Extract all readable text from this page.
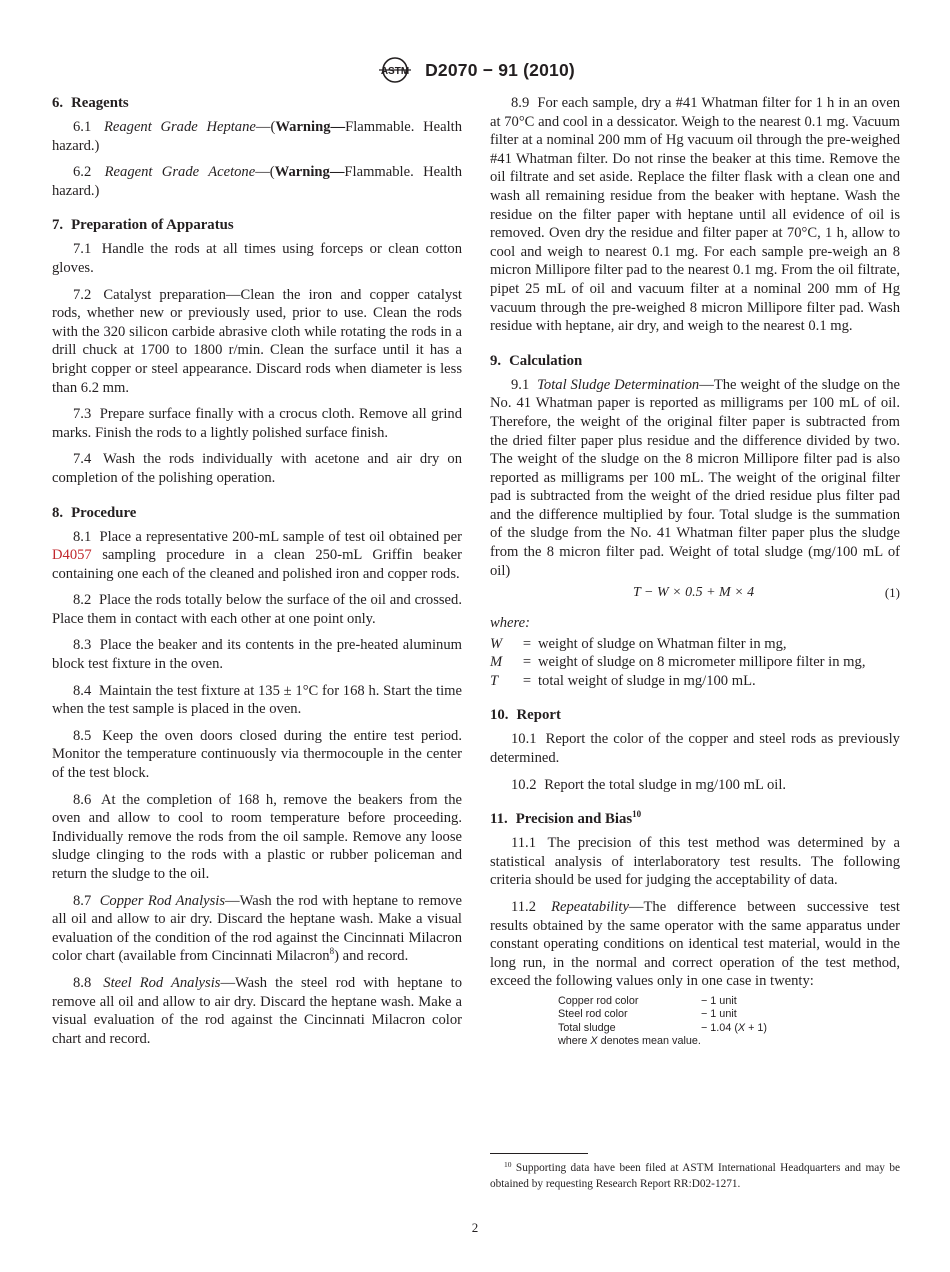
ASTM D2070 − 91 (2010)
6. Reagents

6.1 Reagent Grade Heptane—(Warning—Flammable. Health hazard.)

6.2 Reagent Grade Acetone—(Warning—Flammable. Health hazard.)

7. Preparation of Apparatus

7.1 Handle the rods at all times using forceps or clean cotton gloves.

7.2 Catalyst preparation—Clean the iron and copper catalyst rods, whether new or previously used, prior to use. Clean the rods with the 320 silicon carbide abrasive cloth while rotating the rods in a drill chuck at 1700 to 1800 r/min. Clean the surface until it has a bright copper or steel appearance. Discard rods when diameter is less than 6.2 mm.

7.3 Prepare surface finally with a crocus cloth. Remove all grind marks. Finish the rods to a lightly polished surface finish.

7.4 Wash the rods individually with acetone and air dry on completion of the polishing operation.

8. Procedure

8.1 Place a representative 200-mL sample of test oil obtained per D4057 sampling procedure in a clean 250-mL Griffin beaker containing one each of the cleaned and polished iron and copper rods.

8.2 Place the rods totally below the surface of the oil and crossed. Place them in contact with each other at one point only.

8.3 Place the beaker and its contents in the pre-heated aluminum block test fixture in the oven.

8.4 Maintain the test fixture at 135 ± 1°C for 168 h. Start the time when the test sample is placed in the oven.

8.5 Keep the oven doors closed during the entire test period. Monitor the temperature continuously via thermocouple in the center of the test block.

8.6 At the completion of 168 h, remove the beakers from the oven and allow to cool to room temperature before proceeding. Individually remove the rods from the oil sample. Remove any loose sludge clinging to the rods with a plastic or rubber policeman and return the sludge to the oil.

8.7 Copper Rod Analysis—Wash the rod with heptane to remove all oil and allow to air dry. Discard the heptane wash. Make a visual evaluation of the condition of the rod against the Cincinnati Milacron color chart (available from Cincinnati Milacron$^8$) and record.

8.8 Steel Rod Analysis—Wash the steel rod with heptane to remove all oil and allow to air dry. Discard the heptane wash. Make a visual evaluation of the rod against the Cincinnati Milacron color chart and record.

8.9 For each sample, dry a #41 Whatman filter for 1 h in an oven at 70°C and cool in a dessicator. Weigh to the nearest 0.1 mg. Vacuum filter at a nominal 200 mm of Hg vacuum oil through the pre-weighed #41 Whatman filter. Do not rinse the beaker at this time. Remove the oil filtrate and set aside. Replace the filter flask with a clean one and wash all remaining residue from the beaker with heptane. Wash the residue on the filter paper with heptane until all evidence of oil is removed. Oven dry the residue and filter paper at 70°C, 1 h, allow to cool and weigh to nearest 0.1 mg. For each sample pre-weigh an 8 micron Millipore filter pad to the nearest 0.1 mg. From the oil filtrate, pipet 25 mL of oil and vacuum filter at a nominal 200 mm of Hg vacuum through the pre-weighed 8 micron Millipore filter pad. Wash residue with heptane, air dry, and weigh to the nearest 0.1 mg.

9. Calculation

9.1 Total Sludge Determination—The weight of the sludge on the No. 41 Whatman paper is reported as milligrams per 100 mL of oil. Therefore, the weight of the original filter paper is subtracted from the dried filter paper plus residue and the difference divided by two. The weight of the sludge on the 8 micron Millipore filter pad is also reported as milligrams per 100 mL. The weight of the original filter pad is subtracted from the weight of the dried residue plus filter pad and the difference multiplied by four. Total sludge is the summation of the sludge from the No. 41 Whatman filter paper plus the sludge from the 8 micron filter pad. Weight of total sludge (mg/100 mL of oil)

T − W × 0.5 + M × 4	(1)
where:
W	= weight of sludge on Whatman filter in mg,
M	= weight of sludge on 8 micrometer millipore filter in mg,
T	= total weight of sludge in mg/100 mL.
10. Report

10.1 Report the color of the copper and steel rods as previously determined.

10.2 Report the total sludge in mg/100 mL oil.

11. Precision and Bias$^{10}$

11.1 The precision of this test method was determined by a statistical analysis of interlaboratory test results. The following criteria should be used for judging the acceptability of data.

11.2 Repeatability—The difference between successive test results obtained by the same operator with the same apparatus under constant operating conditions on identical test material, would in the long run, in the normal and correct operation of the test method, exceed the following values only in one case in twenty:

Copper rod color	− 1 unit
Steel rod color	− 1 unit
Total sludge	− 1.04 (X + 1)
where X denotes mean value.
$^{10}$ Supporting data have been filed at ASTM International Headquarters and may be obtained by requesting Research Report RR:D02-1271.
2
